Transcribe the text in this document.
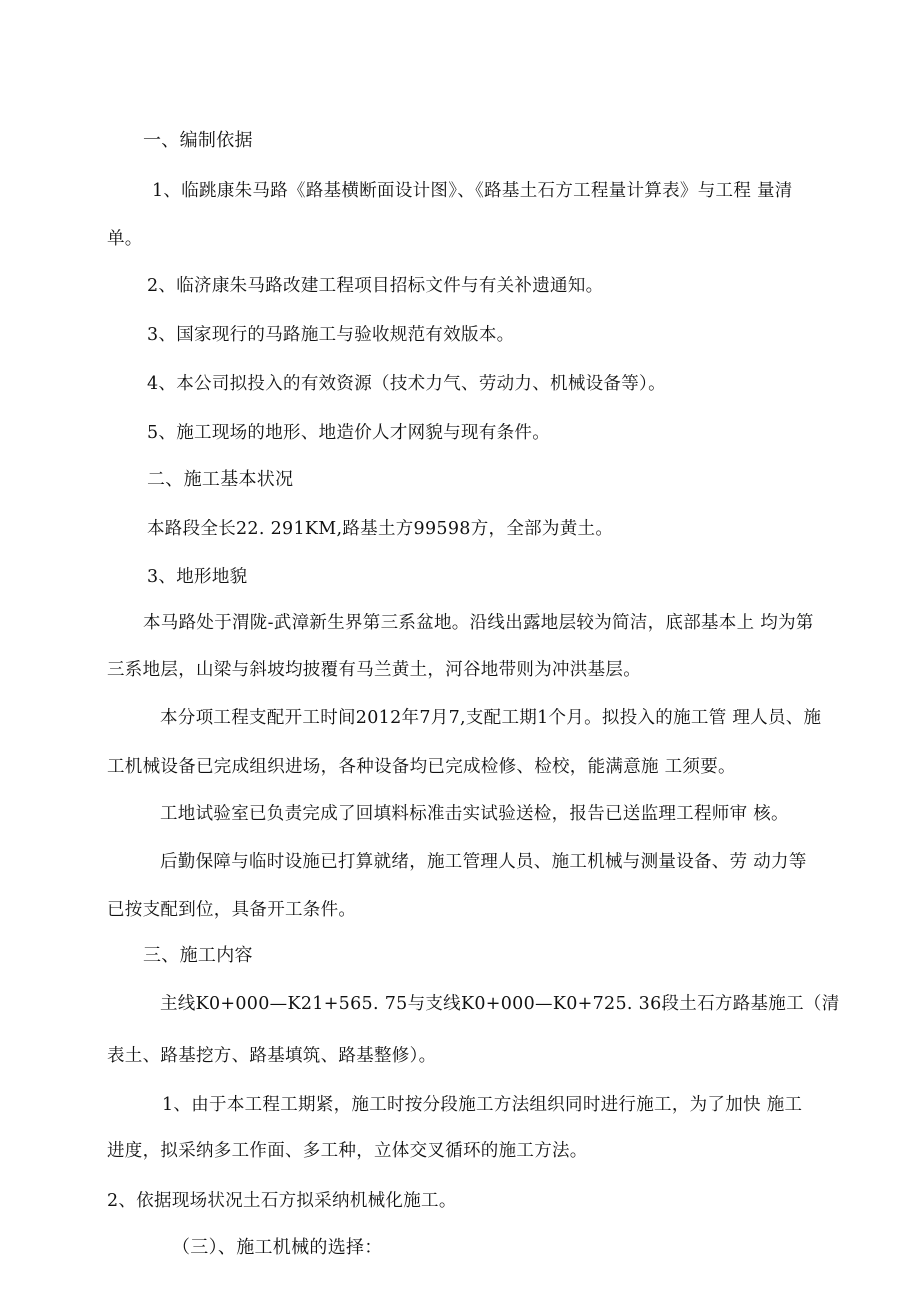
一、编制依据
1、临跳康朱马路《路基横断面设计图》、《路基土石方工程量计算表》与工程 量清
单。
2、临济康朱马路改建工程项目招标文件与有关补遗通知。
3、国家现行的马路施工与验收规范有效版本。
4、本公司拟投入的有效资源（技术力气、劳动力、机械设备等）。
5、施工现场的地形、地造价人才网貌与现有条件。
二、施工基本状况
本路段全长22. 291KM,路基土方99598方，全部为黄土。
3、地形地貌
本马路处于渭陇-武漳新生界第三系盆地。沿线出露地层较为简洁，底部基本上 均为第
三系地层，山梁与斜坡均披覆有马兰黄土，河谷地带则为冲洪基层。
本分项工程支配开工时间2012年7月7,支配工期1个月。拟投入的施工管 理人员、施
工机械设备已完成组织进场，各种设备均已完成检修、检校，能满意施 工须要。
工地试验室已负责完成了回填料标准击实试验送检，报告已送监理工程师审 核。
后勤保障与临时设施已打算就绪，施工管理人员、施工机械与测量设备、劳 动力等
已按支配到位，具备开工条件。
三、施工内容
主线K0+000—K21+565. 75与支线K0+000—K0+725. 36段土石方路基施工（清
表土、路基挖方、路基填筑、路基整修）。
1、由于本工程工期紧，施工时按分段施工方法组织同时进行施工，为了加快 施工
进度，拟采纳多工作面、多工种，立体交叉循环的施工方法。
2、依据现场状况土石方拟采纳机械化施工。
（三）、施工机械的选择：
